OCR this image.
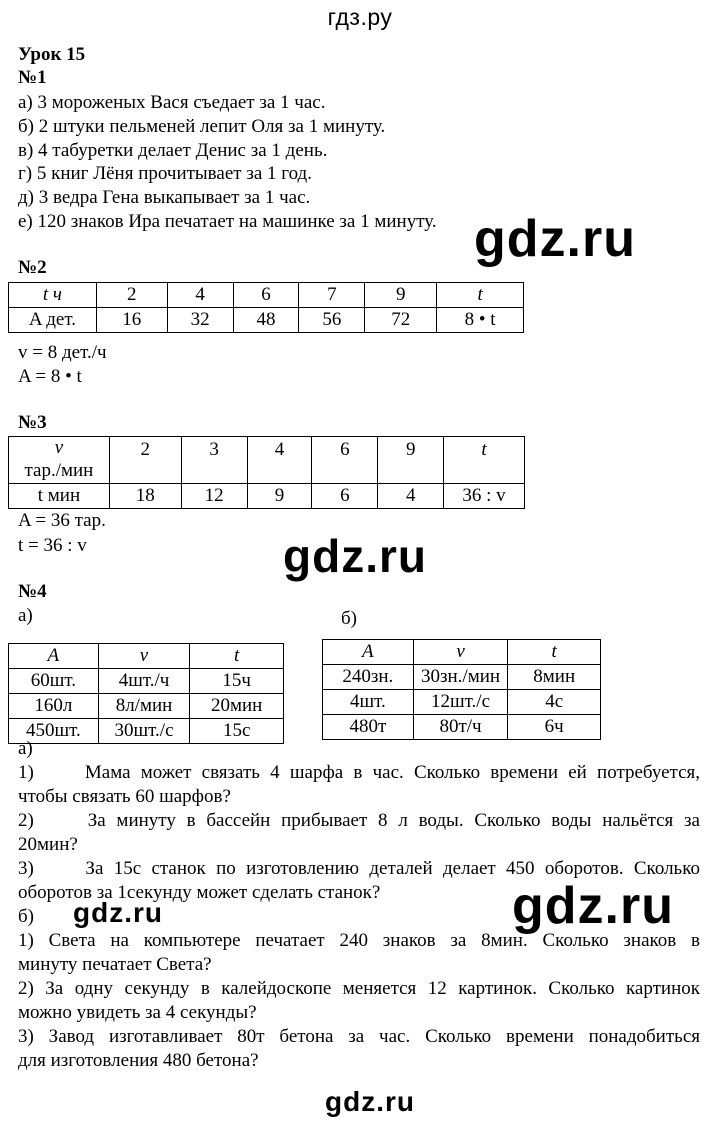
гдз.ру
gdz.ru
gdz.ru
gdz.ru
gdz.ru
gdz.ru
Урок 15
№1
а) 3 мороженых Вася съедает за 1 час.
б) 2 штуки пельменей лепит Оля за 1 минуту.
в) 4 табуретки делает Денис за 1 день.
г) 5 книг Лёня прочитывает за 1 год.
д) 3 ведра Гена выкапывает за 1 час.
е) 120 знаков Ира печатает на машинке за 1 минуту.
№2
t ч	2	4	6	7	9	t
A дет.	16	32	48	56	72	8 • t
v = 8 дет./ч
A = 8 • t
№3
v
тар./мин	2	3	4	6	9	t
t мин	18	12	9	6	4	36 : v
A = 36 тар.
t = 36 : v
№4
а)	б)
A	v	t
60шт.	4шт./ч	15ч
160л	8л/мин	20мин
450шт.	30шт./с	15с
A	v	t
240зн.	30зн./мин	8мин
4шт.	12шт./с	4с
480т	80т/ч	6ч
а)
1)     Мама может связать 4 шарфа в час. Сколько времени ей потребуется,
чтобы связать 60 шарфов?
2)     За минуту в бассейн прибывает 8 л воды. Сколько воды нальётся за
20мин?
3)     За 15с станок по изготовлению деталей делает 450 оборотов. Сколько
оборотов за 1секунду может сделать станок?
б)
1) Света на компьютере печатает 240 знаков за 8мин. Сколько знаков в
минуту печатает Света?
2) За одну секунду в калейдоскопе меняется 12 картинок. Сколько картинок
можно увидеть за 4 секунды?
3) Завод изготавливает 80т бетона за час. Сколько времени понадобиться
для изготовления 480 бетона?
